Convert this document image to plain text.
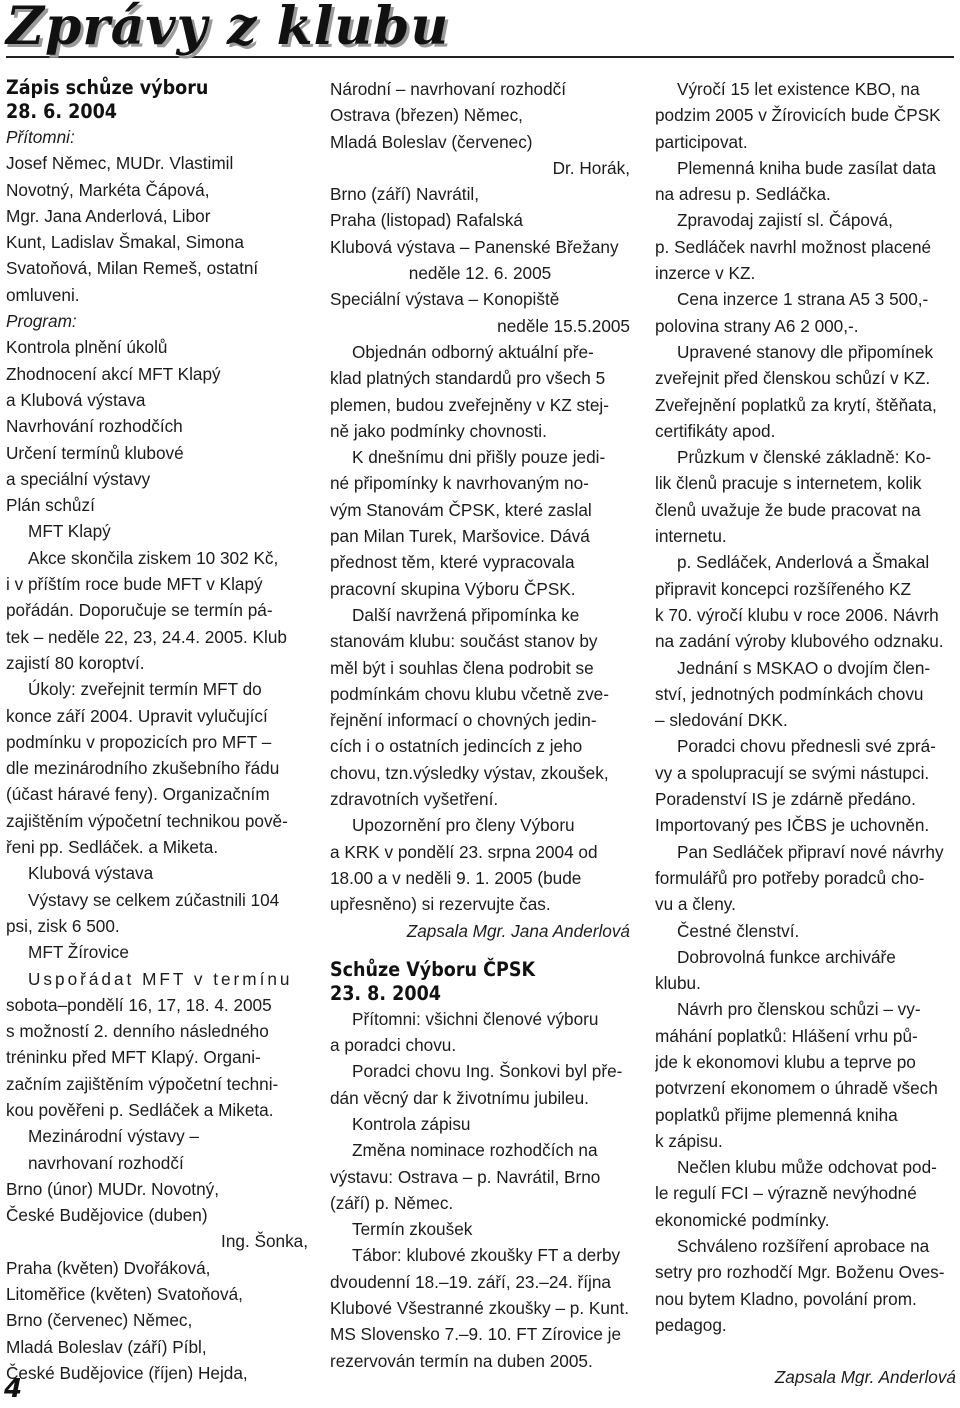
Zprávy z klubu

Zápis schůze výboru

28. 6. 2004

Přítomni:

Josef Němec, MUDr. Vlastimil

Novotný, Markéta Čápová,

Mgr. Jana Anderlová, Libor

Kunt, Ladislav Šmakal, Simona

Svatoňová, Milan Remeš, ostatní

omluveni.

Program:

Kontrola plnění úkolů

Zhodnocení akcí MFT Klapý

a Klubová výstava

Navrhování rozhodčích

Určení termínů klubové

a speciální výstavy

Plán schůzí

MFT Klapý

Akce skončila ziskem 10 302 Kč,

i v příštím roce bude MFT v Klapý

pořádán. Doporučuje se termín pá-

tek – neděle 22, 23, 24.4. 2005. Klub

zajistí 80 koroptví.

Úkoly: zveřejnit termín MFT do

konce září 2004. Upravit vylučující

podmínku v propozicích pro MFT –

dle mezinárodního zkušebního řádu

(účast háravé feny). Organizačním

zajištěním výpočetní technikou pově-

řeni pp. Sedláček. a Miketa.

Klubová výstava

Výstavy se celkem zúčastnili 104

psi, zisk 6 500.

MFT Žírovice

Uspořádat MFT v termínu

sobota–pondělí 16, 17, 18. 4. 2005

s možností 2. denního následného

tréninku před MFT Klapý. Organi-

začním zajištěním výpočetní techni-

kou pověřeni p. Sedláček a Miketa.

Mezinárodní výstavy –

navrhovaní rozhodčí

Brno (únor) MUDr. Novotný,

České Budějovice (duben)

Ing. Šonka,

Praha (květen) Dvořáková,

Litoměřice (květen) Svatoňová,

Brno (červenec) Němec,

Mladá Boleslav (září) Píbl,

České Budějovice (říjen) Hejda,

Národní – navrhovaní rozhodčí

Ostrava (březen) Němec,

Mladá Boleslav (červenec)

Dr. Horák,

Brno (září) Navrátil,

Praha (listopad) Rafalská

Klubová výstava – Panenské Břežany

neděle 12. 6. 2005

Speciální výstava – Konopiště

neděle 15.5.2005

Objednán odborný aktuální pře-

klad platných standardů pro všech 5

plemen, budou zveřejněny v KZ stej-

ně jako podmínky chovnosti.

K dnešnímu dni přišly pouze jedi-

né připomínky k navrhovaným no-

vým Stanovám ČPSK, které zaslal

pan Milan Turek, Maršovice. Dává

přednost těm, které vypracovala

pracovní skupina Výboru ČPSK.

Další navržená připomínka ke

stanovám klubu: součást stanov by

měl být i souhlas člena podrobit se

podmínkám chovu klubu včetně zve-

řejnění informací o chovných jedin-

cích i o ostatních jedincích z jeho

chovu, tzn.výsledky výstav, zkoušek,

zdravotních vyšetření.

Upozornění pro členy Výboru

a KRK v pondělí 23. srpna 2004 od

18.00 a v neděli 9. 1. 2005 (bude

upřesněno) si rezervujte čas.

Zapsala Mgr. Jana Anderlová

Schůze Výboru ČPSK

23. 8. 2004

Přítomni: všichni členové výboru

a poradci chovu.

Poradci chovu Ing. Šonkovi byl pře-

dán věcný dar k životnímu jubileu.

Kontrola zápisu

Změna nominace rozhodčích na

výstavu: Ostrava – p. Navrátil, Brno

(září) p. Němec.

Termín zkoušek

Tábor: klubové zkoušky FT a derby

dvoudenní 18.–19. září, 23.–24. října

Klubové Všestranné zkoušky – p. Kunt.

MS Slovensko 7.–9. 10. FT Zírovice je

rezervován termín na duben 2005.

Výročí 15 let existence KBO, na

podzim 2005 v Žírovicích bude ČPSK

participovat.

Plemenná kniha bude zasílat data

na adresu p. Sedláčka.

Zpravodaj zajistí sl. Čápová,

p. Sedláček navrhl možnost placené

inzerce v KZ.

Cena inzerce 1 strana A5 3 500,-

polovina strany A6 2 000,-.

Upravené stanovy dle připomínek

zveřejnit před členskou schůzí v KZ.

Zveřejnění poplatků za krytí, štěňata,

certifikáty apod.

Průzkum v členské základně: Ko-

lik členů pracuje s internetem, kolik

členů uvažuje že bude pracovat na

internetu.

p. Sedláček, Anderlová a Šmakal

připravit koncepci rozšířeného KZ

k 70. výročí klubu v roce 2006. Návrh

na zadání výroby klubového odznaku.

Jednání s MSKAO o dvojím člen-

ství, jednotných podmínkách chovu

– sledování DKK.

Poradci chovu přednesli své zprá-

vy a spolupracují se svými nástupci.

Poradenství IS je zdárně předáno.

Importovaný pes IČBS je uchovněn.

Pan Sedláček připraví nové návrhy

formulářů pro potřeby poradců cho-

vu a členy.

Čestné členství.

Dobrovolná funkce archiváře

klubu.

Návrh pro členskou schůzi – vy-

máhání poplatků: Hlášení vrhu pů-

jde k ekonomovi klubu a teprve po

potvrzení ekonomem o úhradě všech

poplatků přijme plemenná kniha

k zápisu.

Nečlen klubu může odchovat pod-

le regulí FCI – výrazně nevýhodné

ekonomické podmínky.

Schváleno rozšíření aprobace na

setry pro rozhodčí Mgr. Boženu Oves-

nou bytem Kladno, povolání prom.

pedagog.

Zapsala Mgr. Anderlová

4
